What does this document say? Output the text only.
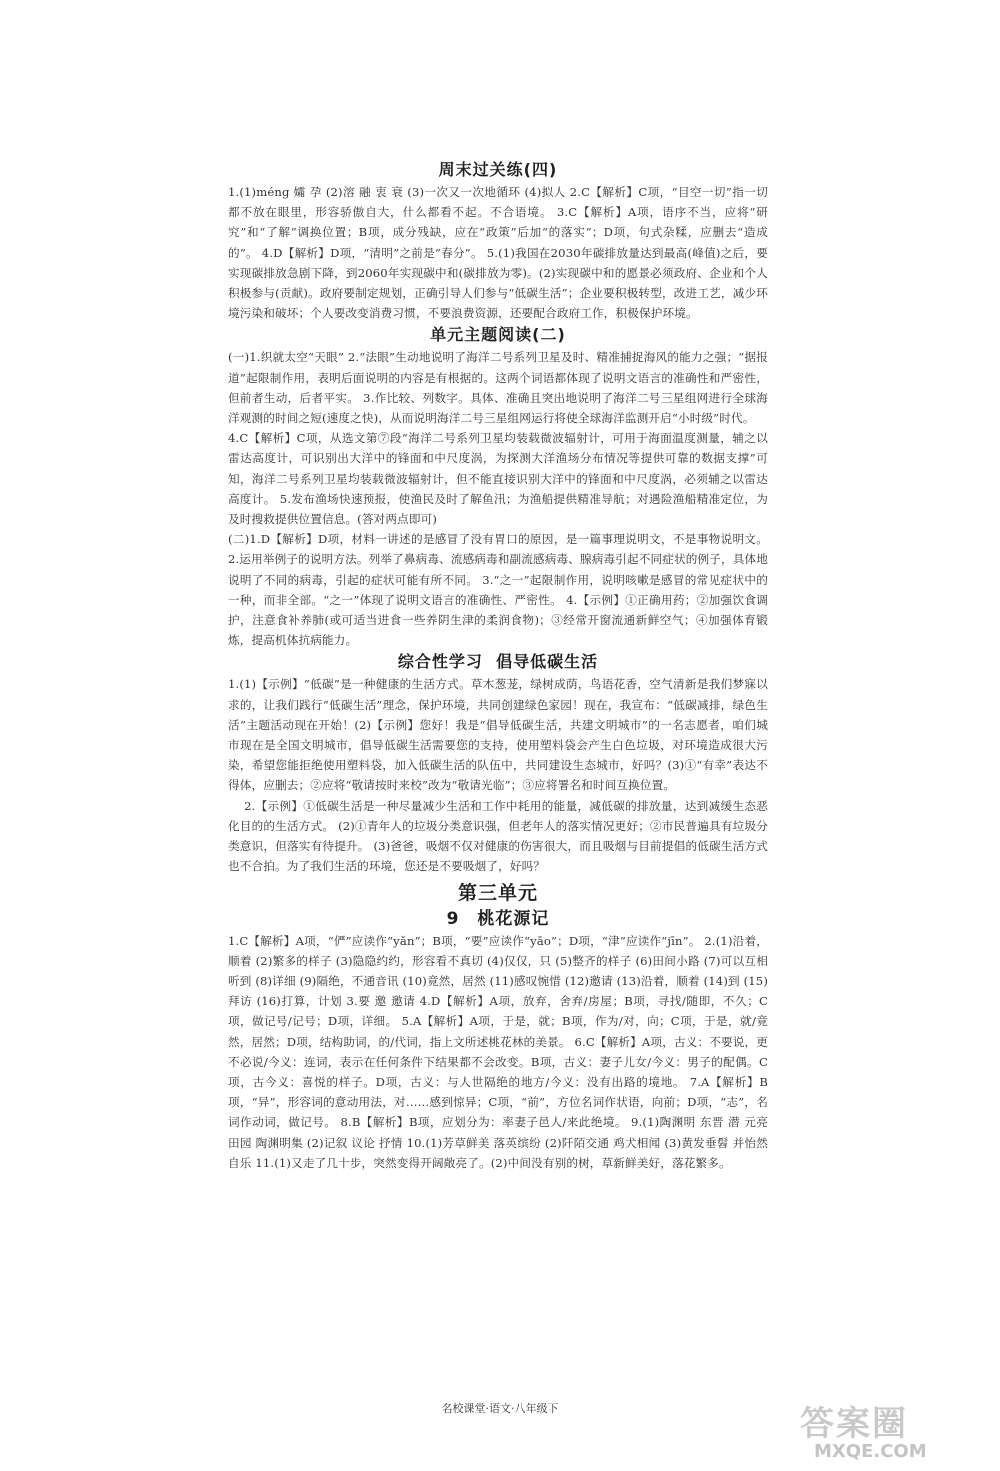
周末过关练(四)

1.(1)méng 孀 孕 (2)溶 融 衷 衰 (3)一次又一次地循环 (4)拟人 2.C【解析】C项，“目空一切”指一切都不放在眼里，形容骄傲自大，什么都看不起。不合语境。 3.C【解析】A项，语序不当，应将“研究”和“了解”调换位置；B项，成分残缺，应在“政策”后加“的落实”；D项，句式杂糅，应删去“造成的”。 4.D【解析】D项，“清明”之前是“春分”。 5.(1)我国在2030年碳排放量达到最高(峰值)之后，要实现碳排放急剧下降，到2060年实现碳中和(碳排放为零)。(2)实现碳中和的愿景必须政府、企业和个人积极参与(贡献)。政府要制定规划，正确引导人们参与“低碳生活”；企业要积极转型，改进工艺，减少环境污染和破坏；个人要改变消费习惯，不要浪费资源，还要配合政府工作，积极保护环境。

单元主题阅读(二)

(一)1.织就太空“天眼” 2.“法眼”生动地说明了海洋二号系列卫星及时、精准捕捉海风的能力之强；“据报道”起限制作用，表明后面说明的内容是有根据的。这两个词语都体现了说明文语言的准确性和严密性，但前者生动，后者平实。 3.作比较、列数字。具体、准确且突出地说明了海洋二号三星组网进行全球海洋观测的时间之短(速度之快)，从而说明海洋二号三星组网运行将使全球海洋监测开启“小时级”时代。

4.C【解析】C项，从选文第⑦段“海洋二号系列卫星均装载微波辐射计，可用于海面温度测量，辅之以雷达高度计，可识别出大洋中的锋面和中尺度涡，为探测大洋渔场分布情况等提供可靠的数据支撑”可知，海洋二号系列卫星均装载微波辐射计，但不能直接识别大洋中的锋面和中尺度涡，必须辅之以雷达高度计。 5.发布渔场快速预报，使渔民及时了解鱼汛；为渔船提供精准导航；对遇险渔船精准定位，为及时搜救提供位置信息。(答对两点即可)

(二)1.D【解析】D项，材料一讲述的是感冒了没有胃口的原因，是一篇事理说明文，不是事物说明文。 2.运用举例子的说明方法。列举了鼻病毒、流感病毒和副流感病毒、腺病毒引起不同症状的例子，具体地说明了不同的病毒，引起的症状可能有所不同。 3.“之一”起限制作用，说明咳嗽是感冒的常见症状中的一种，而非全部。“之一”体现了说明文语言的准确性、严密性。 4.【示例】①正确用药；②加强饮食调护，注意食补养肺(或可适当进食一些养阴生津的柔润食物)；③经常开窗流通新鲜空气；④加强体育锻炼，提高机体抗病能力。

综合性学习  倡导低碳生活

1.(1)【示例】“低碳”是一种健康的生活方式。草木葱茏，绿树成荫，鸟语花香，空气清新是我们梦寐以求的，让我们践行“低碳生活”理念，保护环境，共同创建绿色家园！现在，我宣布：“低碳减排，绿色生活”主题活动现在开始！(2)【示例】您好！我是“倡导低碳生活，共建文明城市”的一名志愿者，咱们城市现在是全国文明城市，倡导低碳生活需要您的支持，使用塑料袋会产生白色垃圾，对环境造成很大污染，希望您能拒绝使用塑料袋，加入低碳生活的队伍中，共同建设生态城市，好吗？(3)①“有幸”表达不得体，应删去；②应将“敬请按时来校”改为“敬请光临”；③应将署名和时间互换位置。

2.【示例】①低碳生活是一种尽量减少生活和工作中耗用的能量，减低碳的排放量，达到减缓生态恶化目的的生活方式。 (2)①青年人的垃圾分类意识强，但老年人的落实情况更好；②市民普遍具有垃圾分类意识，但落实有待提升。 (3)爸爸，吸烟不仅对健康的伤害很大，而且吸烟与目前提倡的低碳生活方式也不合拍。为了我们生活的环境，您还是不要吸烟了，好吗？

第三单元
9 桃花源记

1.C【解析】A项，“俨”应读作“yǎn”；B项，“要”应读作“yāo”；D项，“津”应读作“jīn”。 2.(1)沿着，顺着 (2)繁多的样子 (3)隐隐约约，形容看不真切 (4)仅仅，只 (5)整齐的样子 (6)田间小路 (7)可以互相听到 (8)详细 (9)隔绝，不通音讯 (10)竟然，居然 (11)感叹惋惜 (12)邀请 (13)沿着，顺着 (14)到 (15)拜访 (16)打算，计划 3.要 邀 邀请 4.D【解析】A项，放弃，舍弃/房屋；B项，寻找/随即，不久；C项，做记号/记号；D项，详细。 5.A【解析】A项，于是，就；B项，作为/对，向；C项，于是，就/竟然，居然；D项，结构助词，的/代词，指上文所述桃花林的美景。 6.C【解析】A项，古义：不要说，更不必说/今义：连词，表示在任何条件下结果都不会改变。B项，古义：妻子儿女/今义：男子的配偶。C项，古今义：喜悦的样子。D项，古义：与人世隔绝的地方/今义：没有出路的境地。 7.A【解析】B项，“异”，形容词的意动用法，对……感到惊异；C项，“前”，方位名词作状语，向前；D项，“志”，名词作动词，做记号。 8.B【解析】B项，应划分为：率妻子邑人/来此绝境。 9.(1)陶渊明 东晋 潜 元亮 田园 陶渊明集 (2)记叙 议论 抒情 10.(1)芳草鲜美 落英缤纷 (2)阡陌交通 鸡犬相闻 (3)黄发垂髫 并怡然自乐 11.(1)又走了几十步，突然变得开阔敞亮了。(2)中间没有别的树，草新鲜美好，落花繁多。

名校课堂·语文·八年级下	答案圈
MXQE.COM
